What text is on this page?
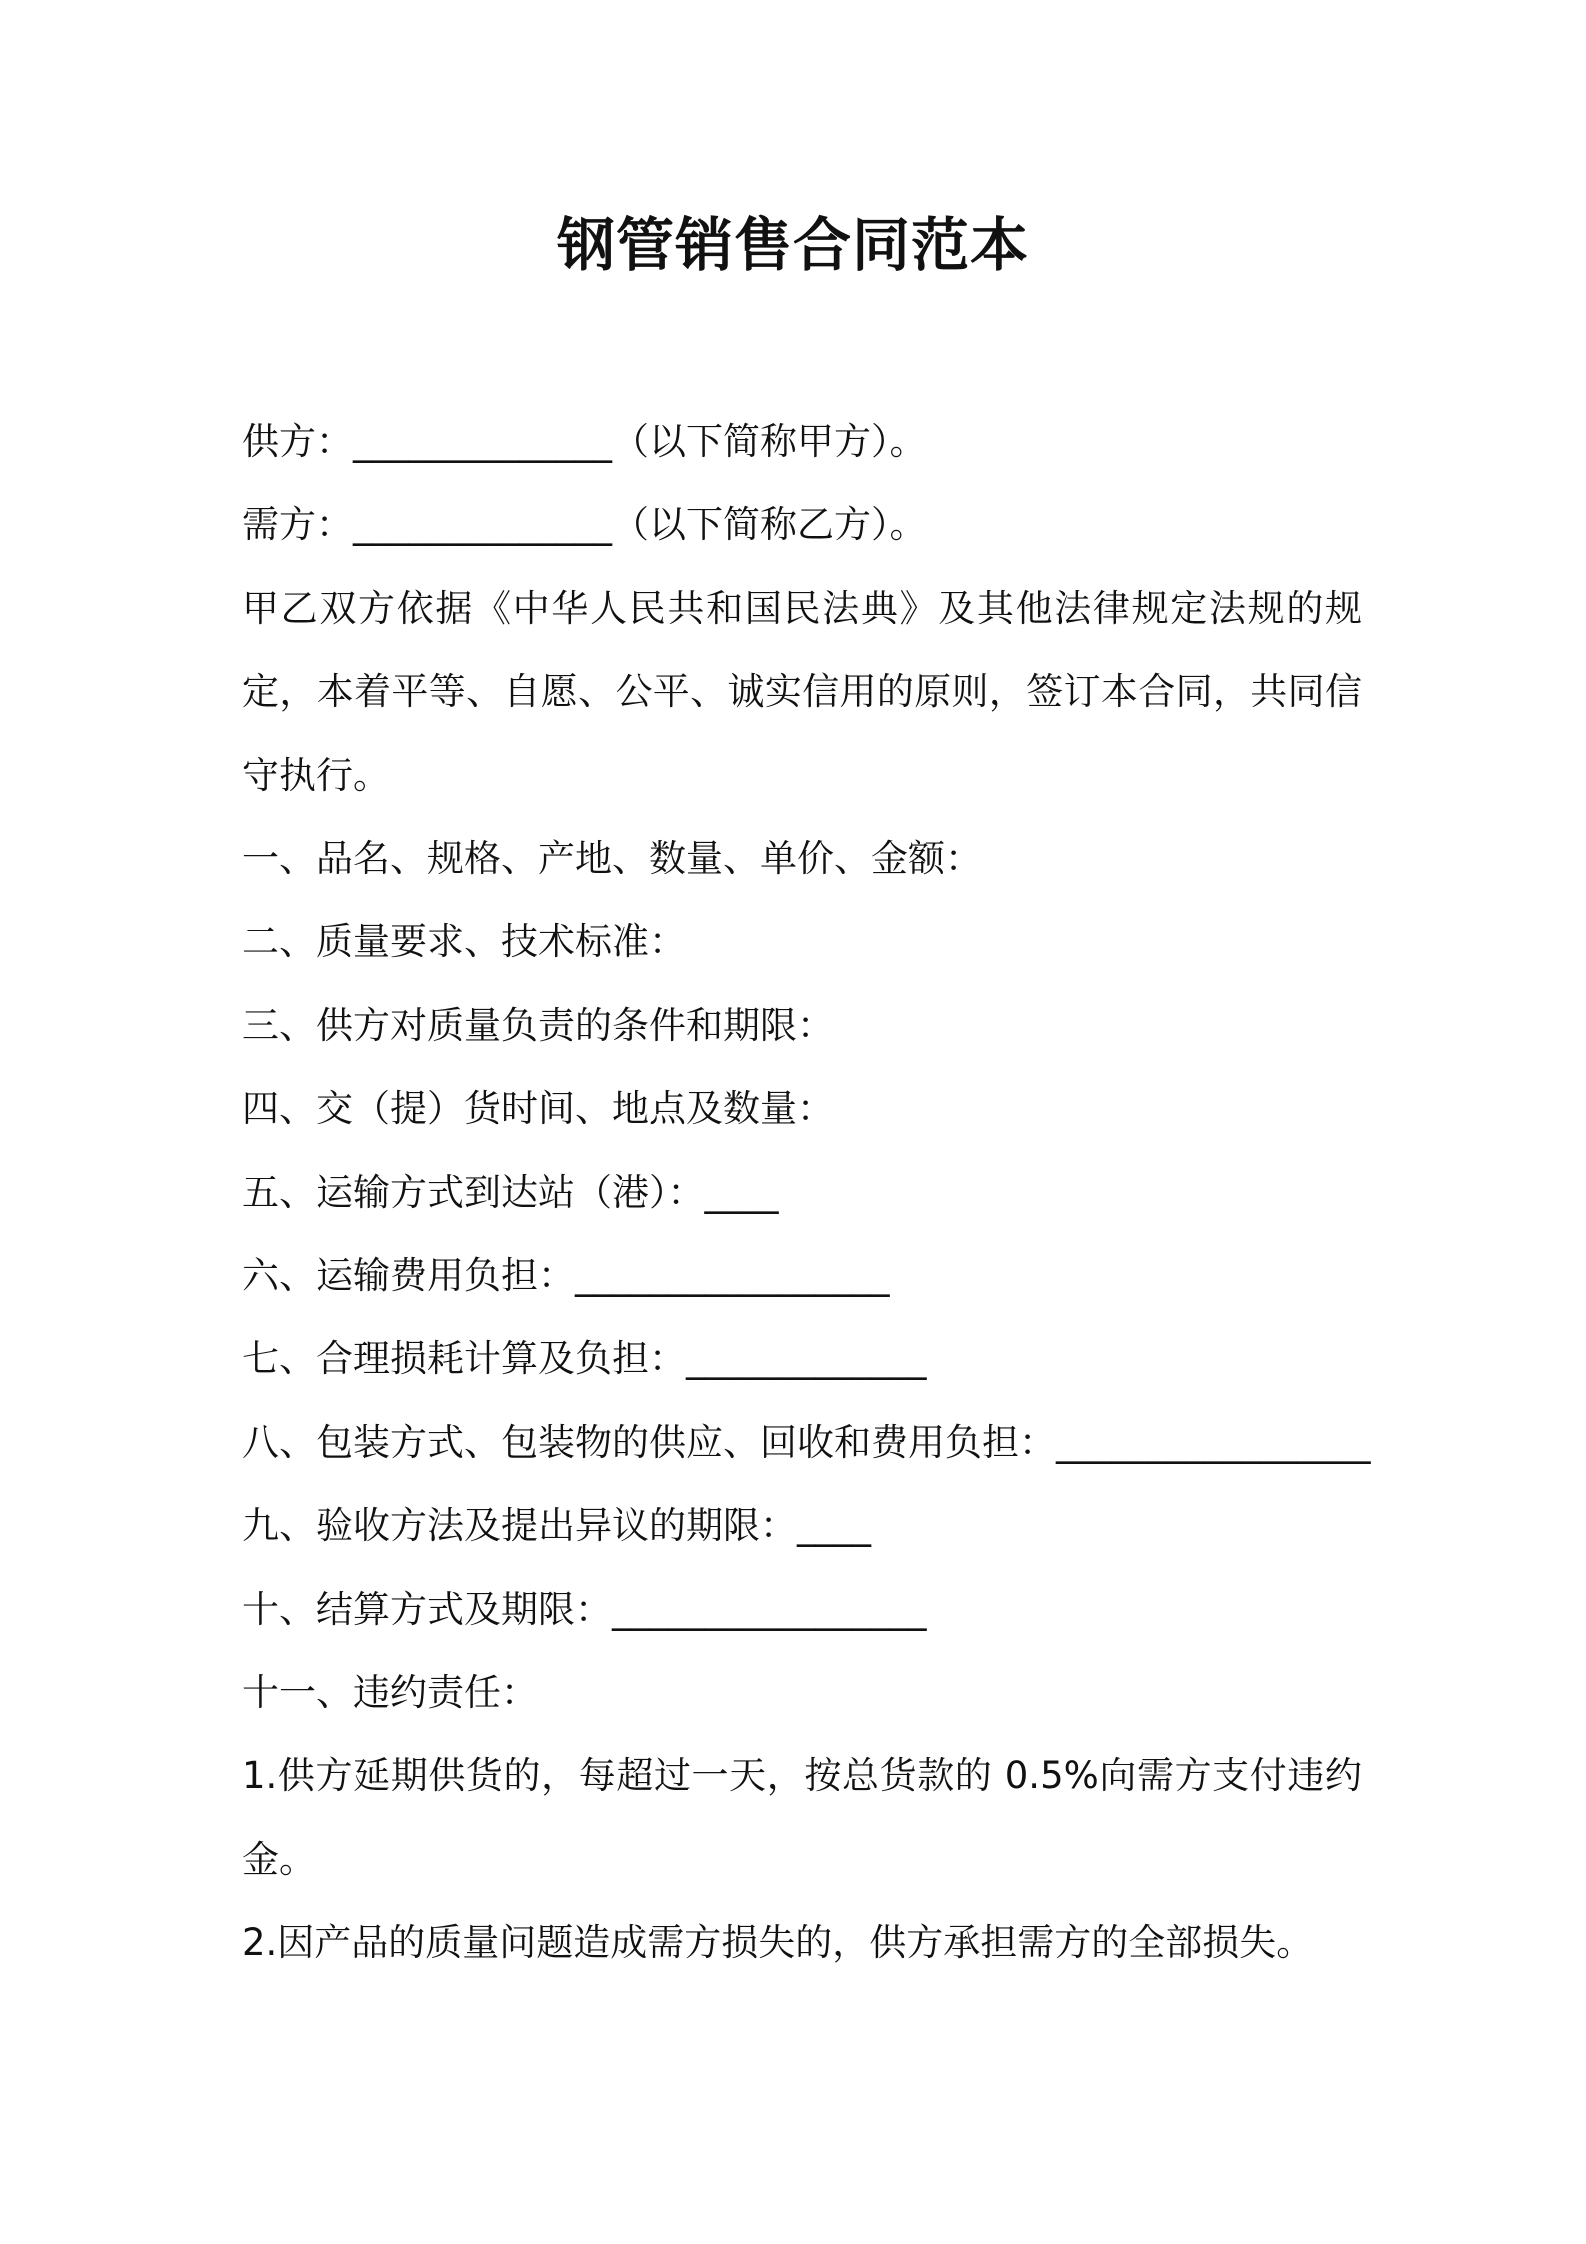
钢管销售合同范本
供方：______________（以下简称甲方）。
需方：______________（以下简称乙方）。
甲乙双方依据《中华人民共和国民法典》及其他法律规定法规的规定，本着平等、自愿、公平、诚实信用的原则，签订本合同，共同信守执行。
一、品名、规格、产地、数量、单价、金额：
二、质量要求、技术标准：
三、供方对质量负责的条件和期限：
四、交（提）货时间、地点及数量：
五、运输方式到达站（港）：____
六、运输费用负担：_________________
七、合理损耗计算及负担：_____________
八、包装方式、包装物的供应、回收和费用负担：_________________
九、验收方法及提出异议的期限：____
十、结算方式及期限：_________________
十一、违约责任：
1.供方延期供货的，每超过一天，按总货款的 0.5%向需方支付违约金。
2.因产品的质量问题造成需方损失的，供方承担需方的全部损失。
